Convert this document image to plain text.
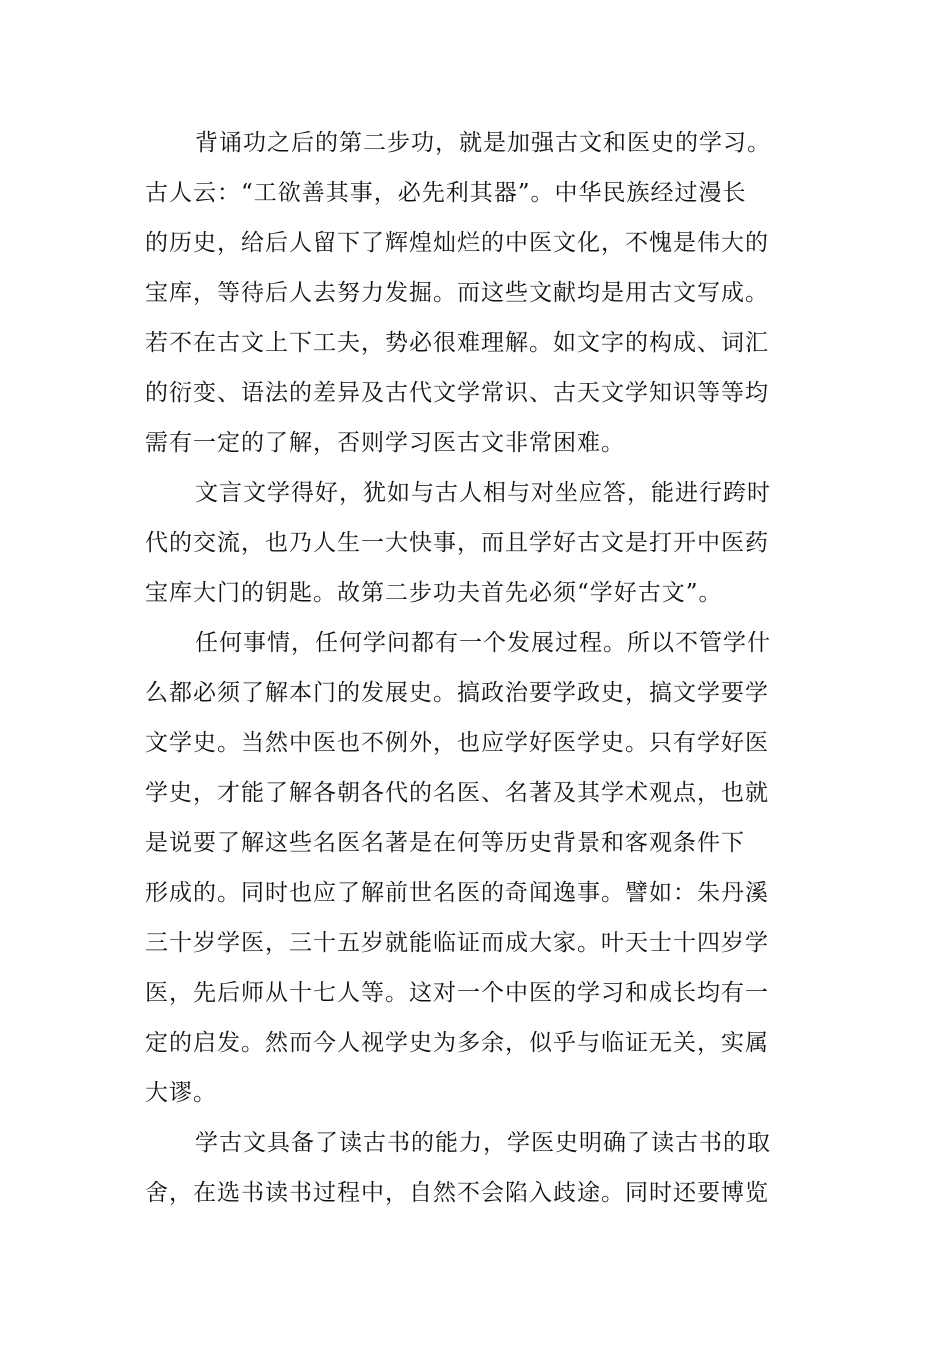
背诵功之后的第二步功，就是加强古文和医史的学习。
古人云：“工欲善其事，必先利其器”。中华民族经过漫长
的历史，给后人留下了辉煌灿烂的中医文化，不愧是伟大的
宝库，等待后人去努力发掘。而这些文献均是用古文写成。
若不在古文上下工夫，势必很难理解。如文字的构成、词汇
的衍变、语法的差异及古代文学常识、古天文学知识等等均
需有一定的了解，否则学习医古文非常困难。
文言文学得好，犹如与古人相与对坐应答，能进行跨时
代的交流，也乃人生一大快事，而且学好古文是打开中医药
宝库大门的钥匙。故第二步功夫首先必须“学好古文”。
任何事情，任何学问都有一个发展过程。所以不管学什
么都必须了解本门的发展史。搞政治要学政史，搞文学要学
文学史。当然中医也不例外，也应学好医学史。只有学好医
学史，才能了解各朝各代的名医、名著及其学术观点，也就
是说要了解这些名医名著是在何等历史背景和客观条件下
形成的。同时也应了解前世名医的奇闻逸事。譬如：朱丹溪
三十岁学医，三十五岁就能临证而成大家。叶天士十四岁学
医，先后师从十七人等。这对一个中医的学习和成长均有一
定的启发。然而今人视学史为多余，似乎与临证无关，实属
大谬。
学古文具备了读古书的能力，学医史明确了读古书的取
舍，在选书读书过程中，自然不会陷入歧途。同时还要博览
